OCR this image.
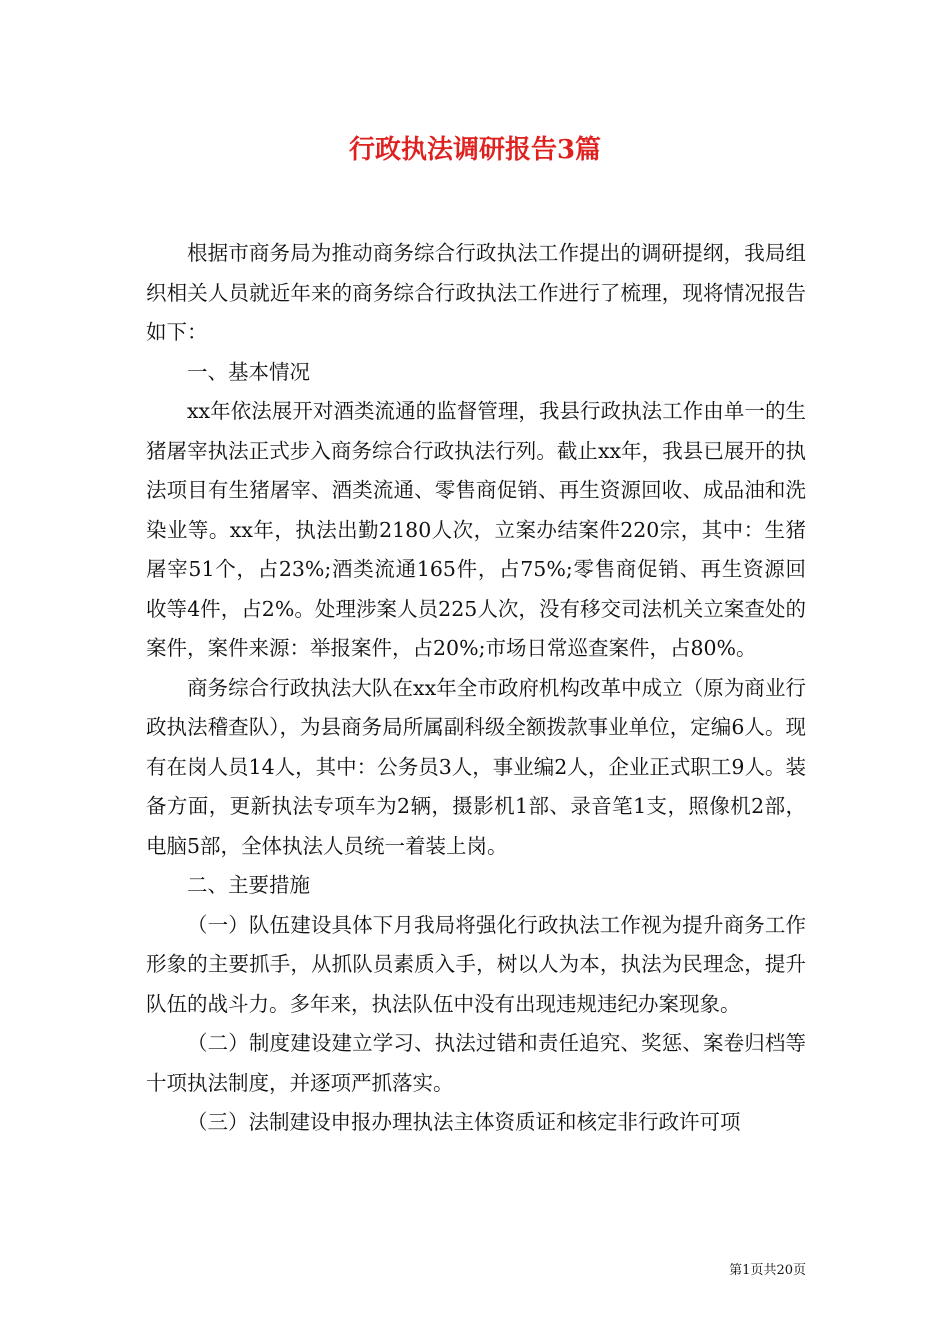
行政执法调研报告3篇

根据市商务局为推动商务综合行政执法工作提出的调研提纲，我局组织相关人员就近年来的商务综合行政执法工作进行了梳理，现将情况报告如下：

一、基本情况

xx年依法展开对酒类流通的监督管理，我县行政执法工作由单一的生猪屠宰执法正式步入商务综合行政执法行列。截止xx年，我县已展开的执法项目有生猪屠宰、酒类流通、零售商促销、再生资源回收、成品油和洗染业等。xx年，执法出勤2180人次，立案办结案件220宗，其中：生猪屠宰51个，占23%;酒类流通165件，占75%;零售商促销、再生资源回收等4件，占2%。处理涉案人员225人次，没有移交司法机关立案查处的案件，案件来源：举报案件，占20%;市场日常巡查案件，占80%。

商务综合行政执法大队在xx年全市政府机构改革中成立（原为商业行政执法稽查队），为县商务局所属副科级全额拨款事业单位，定编6人。现有在岗人员14人，其中：公务员3人，事业编2人，企业正式职工9人。装备方面，更新执法专项车为2辆，摄影机1部、录音笔1支，照像机2部，电脑5部，全体执法人员统一着装上岗。

二、主要措施

（一）队伍建设具体下月我局将强化行政执法工作视为提升商务工作形象的主要抓手，从抓队员素质入手，树以人为本，执法为民理念，提升队伍的战斗力。多年来，执法队伍中没有出现违规违纪办案现象。

（二）制度建设建立学习、执法过错和责任追究、奖惩、案卷归档等十项执法制度，并逐项严抓落实。

（三）法制建设申报办理执法主体资质证和核定非行政许可项

第1页共20页
